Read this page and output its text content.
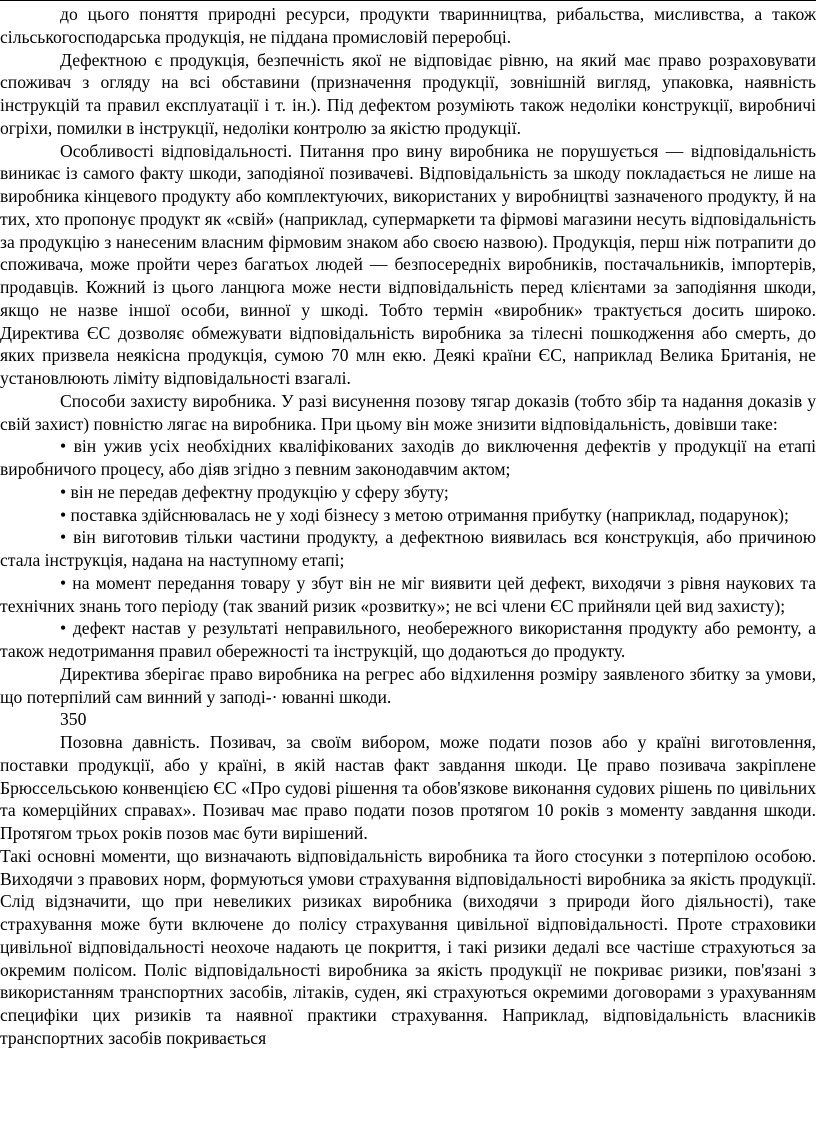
до цього поняття природні ресурси, продукти тваринництва, рибальства, мисливства, а також сільськогосподарська продукція, не піддана промисловій переробці.

Дефектною є продукція, безпечність якої не відповідає рівню, на який має право розраховувати споживач з огляду на всі обставини (призначення продукції, зовнішній вигляд, упаковка, наявність інструкцій та правил експлуатації і т. ін.). Під дефектом розуміють також недоліки конструкції, виробничі огріхи, помилки в інструкції, недоліки контролю за якістю продукції.

Особливості відповідальності. Питання про вину виробника не порушується — відповідальність виникає із самого факту шкоди, заподіяної позивачеві. Відповідальність за шкоду покладається не лише на виробника кінцевого продукту або комплектуючих, використаних у виробництві зазначеного продукту, й на тих, хто пропонує продукт як «свій» (наприклад, супермаркети та фірмові магазини несуть відповідальність за продукцію з нанесеним власним фірмовим знаком або своєю назвою). Продукція, перш ніж потрапити до споживача, може пройти через багатьох людей — безпосередніх виробників, постачальників, імпортерів, продавців. Кожний із цього ланцюга може нести відповідальність перед клієнтами за заподіяння шкоди, якщо не назве іншої особи, винної у шкоді. Тобто термін «виробник» трактується досить широко. Директива ЄС дозволяє обмежувати відповідальність виробника за тілесні пошкодження або смерть, до яких призвела неякісна продукція, сумою 70 млн екю. Деякі країни ЄС, наприклад Велика Британія, не установлюють ліміту відповідальності взагалі.

Способи захисту виробника. У разі висунення позову тягар доказів (тобто збір та надання доказів у свій захист) повністю лягає на виробника. При цьому він може знизити відповідальність, довівши таке:

• він ужив усіх необхідних кваліфікованих заходів до виключення дефектів у продукції на етапі виробничого процесу, або діяв згідно з певним законодавчим актом;

• він не передав дефектну продукцію у сферу збуту;

• поставка здійснювалась не у ході бізнесу з метою отримання прибутку (наприклад, подарунок);

• він виготовив тільки частини продукту, а дефектною виявилась вся конструкція, або причиною стала інструкція, надана на наступному етапі;

• на момент передання товару у збут він не міг виявити цей дефект, виходячи з рівня наукових та технічних знань того періоду (так званий ризик «розвитку»; не всі члени ЄС прийняли цей вид захисту);

• дефект настав у результаті неправильного, необережного використання продукту або ремонту, а також недотримання правил обережності та інструкцій, що додаються до продукту.

Директива зберігає право виробника на регрес або відхилення розміру заявленого збитку за умови, що потерпілий сам винний у заподі-· юванні шкоди.

350

Позовна давність. Позивач, за своїм вибором, може подати позов або у країні виготовлення, поставки продукції, або у країні, в якій настав факт завдання шкоди. Це право позивача закріплене Брюссельською конвенцією ЄС «Про судові рішення та обов'язкове виконання судових рішень по цивільних та комерційних справах». Позивач має право подати позов протягом 10 років з моменту завдання шкоди. Протягом трьох років позов має бути вирішений.

Такі основні моменти, що визначають відповідальність виробника та його стосунки з потерпілою особою. Виходячи з правових норм, формуються умови страхування відповідальності виробника за якість продукції. Слід відзначити, що при невеликих ризиках виробника (виходячи з природи його діяльності), таке страхування може бути включене до полісу страхування цивільної відповідальності. Проте страховики цивільної відповідальності неохоче надають це покриття, і такі ризики дедалі все частіше страхуються за окремим полісом. Поліс відповідальності виробника за якість продукції не покриває ризики, пов'язані з використанням транспортних засобів, літаків, суден, які страхуються окремими договорами з урахуванням специфіки цих ризиків та наявної практики страхування. Наприклад, відповідальність власників транспортних засобів покривається
